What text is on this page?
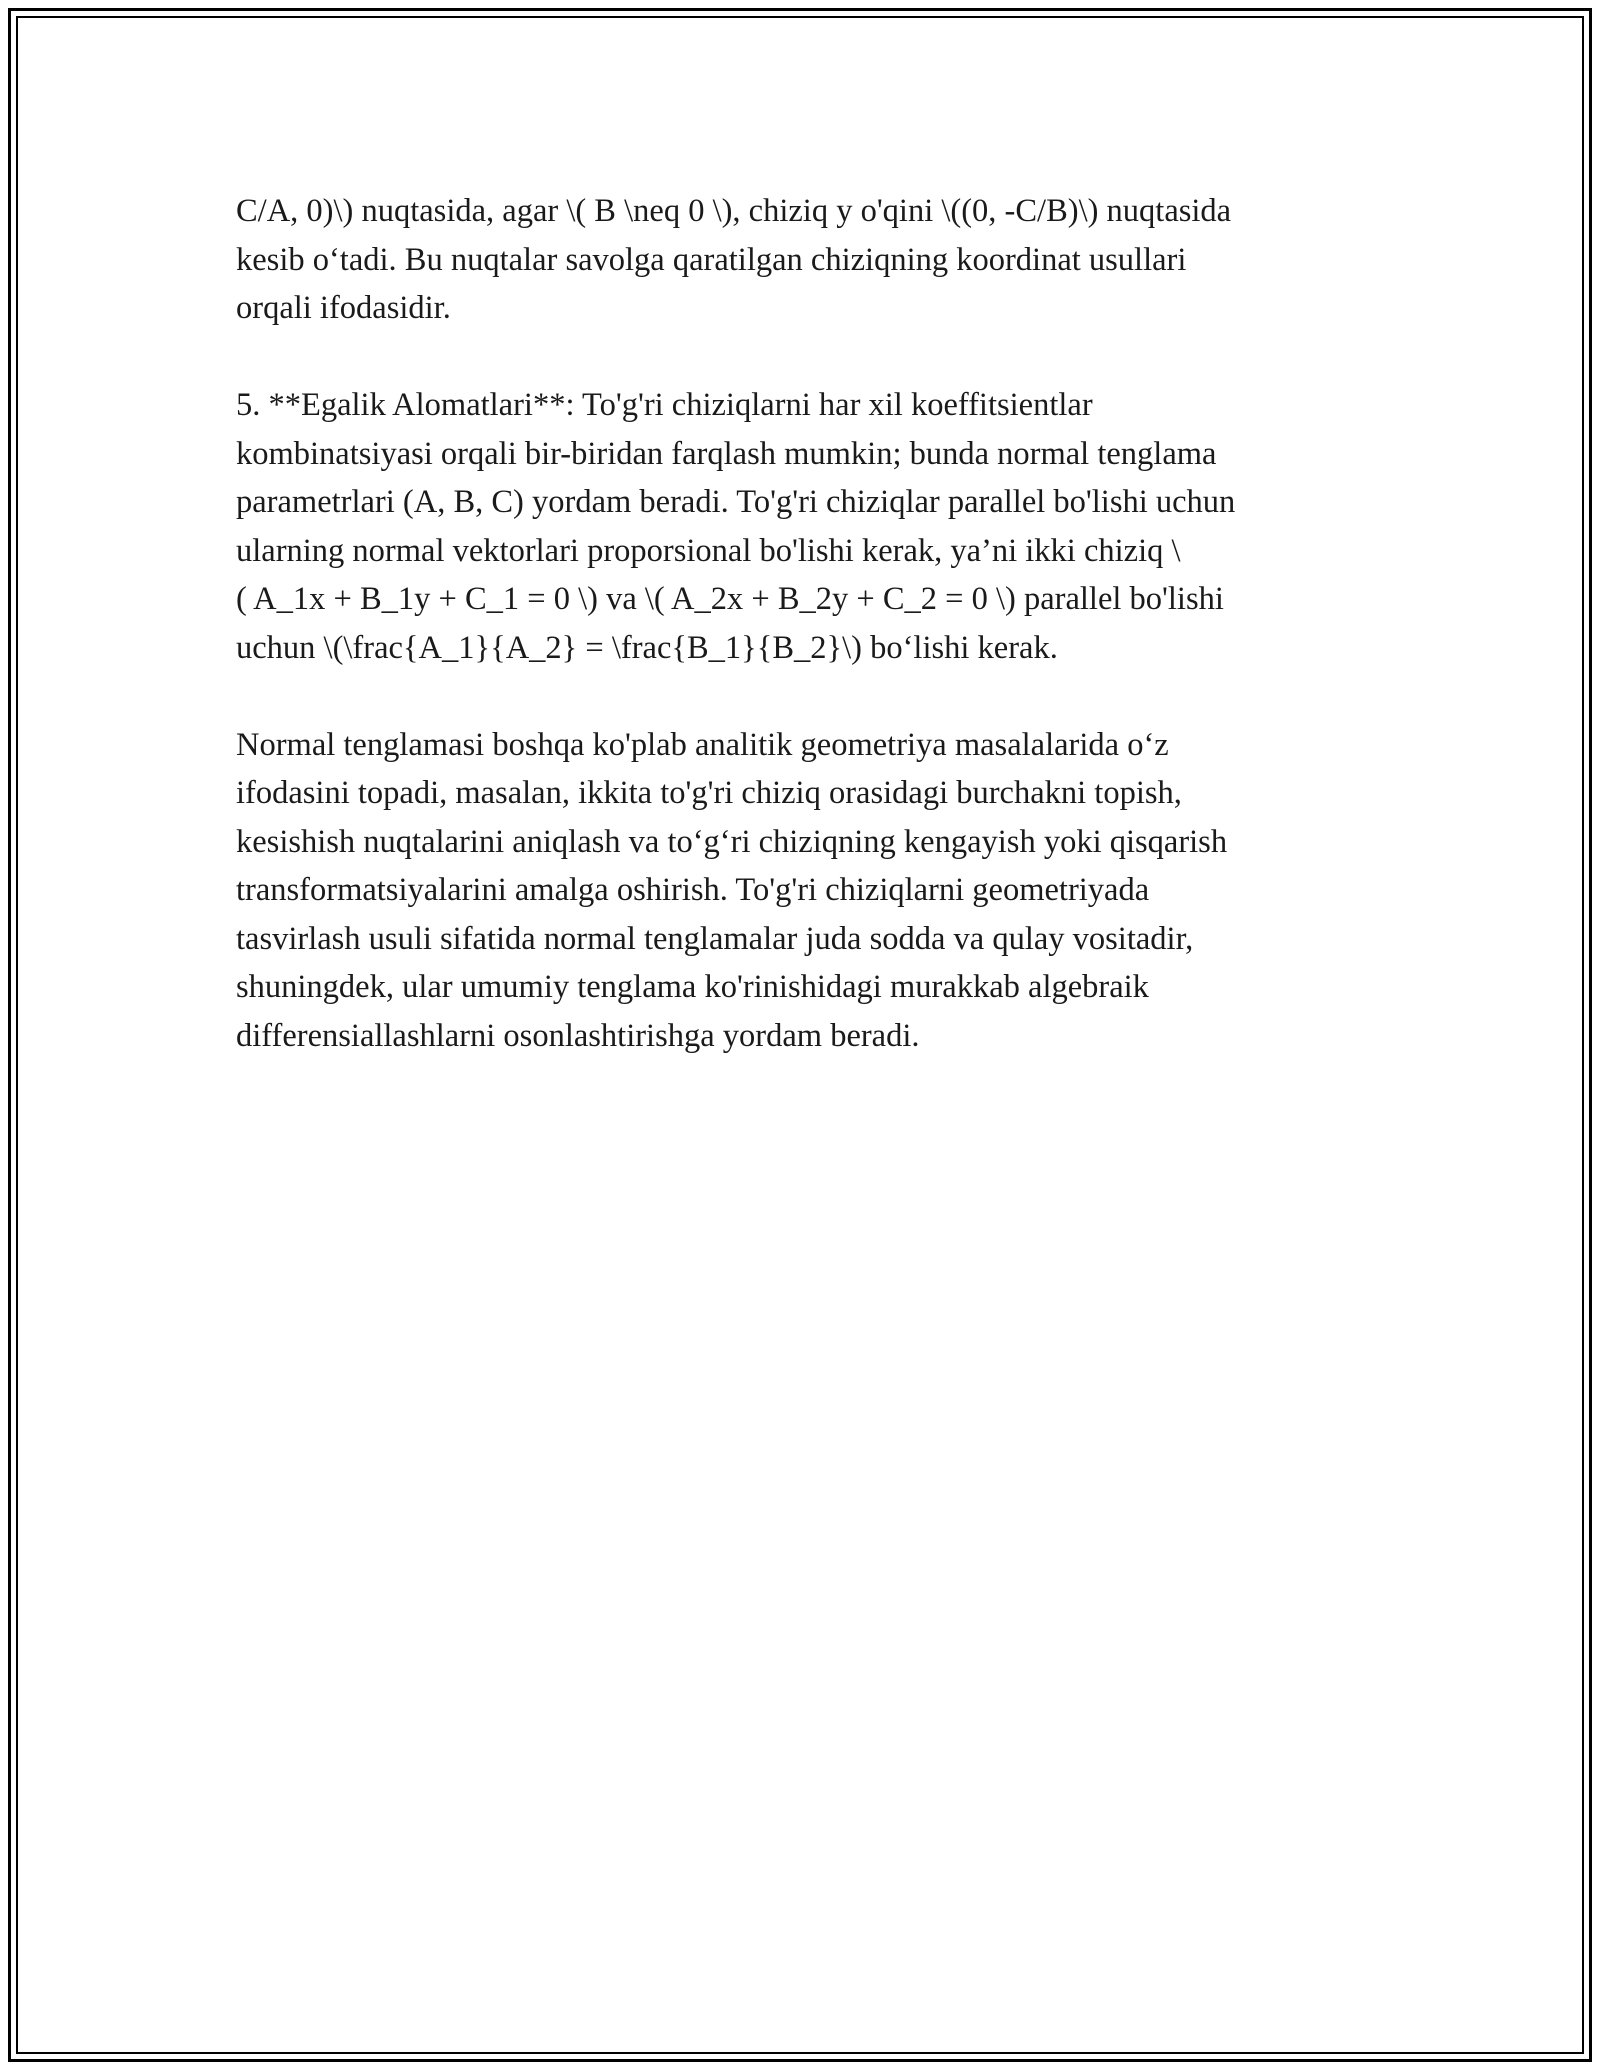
C/A, 0)\) nuqtasida, agar \( B \neq 0 \), chiziq y o'qini \((0, -C/B)\) nuqtasida
kesib o‘tadi. Bu nuqtalar savolga qaratilgan chiziqning koordinat usullari
orqali ifodasidir.

5. **Egalik Alomatlari**: To'g'ri chiziqlarni har xil koeffitsientlar
kombinatsiyasi orqali bir-biridan farqlash mumkin; bunda normal tenglama
parametrlari (A, B, C) yordam beradi. To'g'ri chiziqlar parallel bo'lishi uchun
ularning normal vektorlari proporsional bo'lishi kerak, ya’ni ikki chiziq \
( A_1x + B_1y + C_1 = 0 \) va \( A_2x + B_2y + C_2 = 0 \) parallel bo'lishi
uchun \(\frac{A_1}{A_2} = \frac{B_1}{B_2}\) bo‘lishi kerak.

Normal tenglamasi boshqa ko'plab analitik geometriya masalalarida o‘z
ifodasini topadi, masalan, ikkita to'g'ri chiziq orasidagi burchakni topish,
kesishish nuqtalarini aniqlash va to‘g‘ri chiziqning kengayish yoki qisqarish
transformatsiyalarini amalga oshirish. To'g'ri chiziqlarni geometriyada
tasvirlash usuli sifatida normal tenglamalar juda sodda va qulay vositadir,
shuningdek, ular umumiy tenglama ko'rinishidagi murakkab algebraik
differensiallashlarni osonlashtirishga yordam beradi.
